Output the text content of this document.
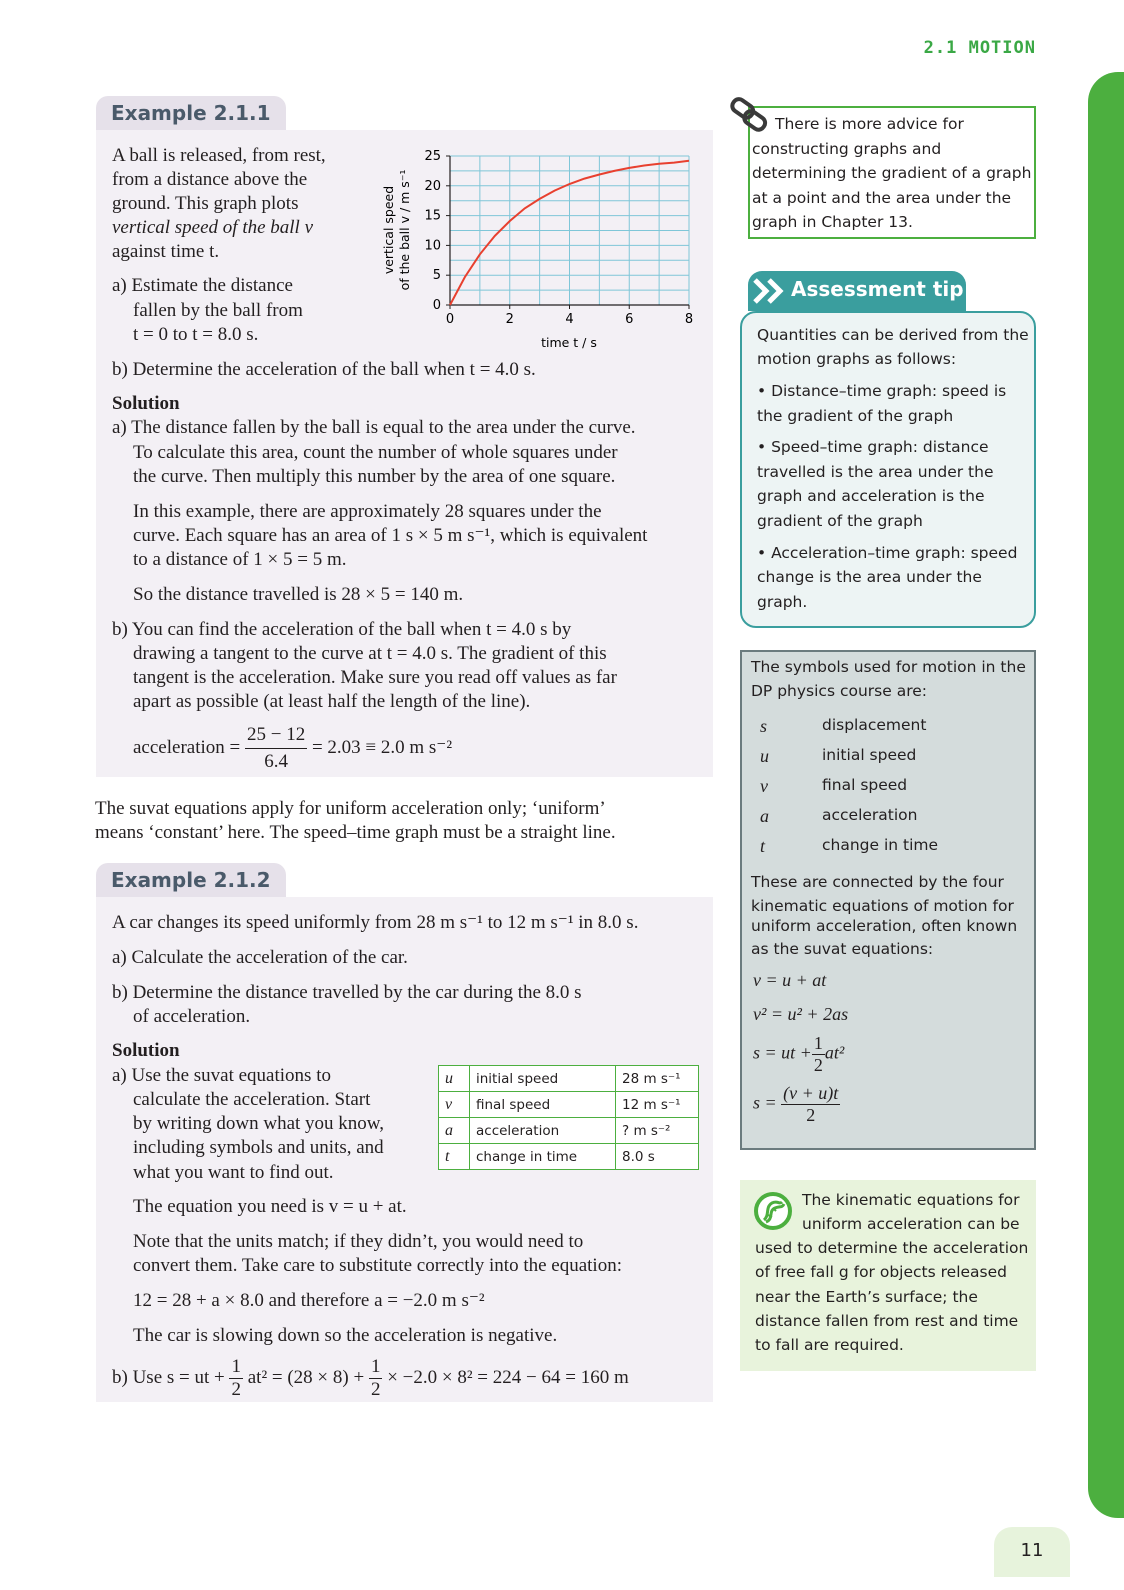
2.1 MOTION
Example 2.1.1
A ball is released, from rest,
from a distance above the
ground. This graph plots
vertical speed of the ball v
against time t.
a) Estimate the distance
fallen by the ball from
t = 0 to t = 8.0 s.
b) Determine the acceleration of the ball when t = 4.0 s.
0	2	4	6	8
0
5
10
15
20
25
time t / s
vertical speed of the ball v / m s⁻¹
Solution
a) The distance fallen by the ball is equal to the area under the curve.
To calculate this area, count the number of whole squares under
the curve. Then multiply this number by the area of one square.
In this example, there are approximately 28 squares under the
curve. Each square has an area of 1 s × 5 m s⁻¹, which is equivalent
to a distance of 1 × 5 = 5 m.
So the distance travelled is 28 × 5 = 140 m.
b) You can find the acceleration of the ball when t = 4.0 s by
drawing a tangent to the curve at t = 4.0 s. The gradient of this
tangent is the acceleration. Make sure you read off values as far
apart as possible (at least half the length of the line).
acceleration = $\frac{25 - 12}{6.4} = 2.03 \equiv 2.0$ m s⁻²
The suvat equations apply for uniform acceleration only; ‘uniform’
means ‘constant’ here. The speed–time graph must be a straight line.
Example 2.1.2
A car changes its speed uniformly from 28 m s⁻¹ to 12 m s⁻¹ in 8.0 s.
a) Calculate the acceleration of the car.
b) Determine the distance travelled by the car during the 8.0 s
of acceleration.
Solution
a) Use the suvat equations to
calculate the acceleration. Start
by writing down what you know,
including symbols and units, and
what you want to find out.
u	initial speed	28 m s⁻¹
v	final speed	12 m s⁻¹
a	acceleration	? m s⁻²
t	change in time	8.0 s
The equation you need is v = u + at.
Note that the units match; if they didn’t, you would need to
convert them. Take care to substitute correctly into the equation:
12 = 28 + a × 8.0 and therefore a = −2.0 m s⁻²
The car is slowing down so the acceleration is negative.
b) Use s = ut + $\frac{1}{2} at^2 = (28 \times 8) + \frac{1}{2} \times -2.0 \times 8^2 = 224 - 64 = 160$ m
There is more advice for
constructing graphs and
determining the gradient of a graph
at a point and the area under the
graph in Chapter 13.
Assessment tip
Quantities can be derived from the
motion graphs as follows:
• Distance–time graph: speed is
the gradient of the graph
• Speed–time graph: distance
travelled is the area under the
graph and acceleration is the
gradient of the graph
• Acceleration–time graph: speed
change is the area under the
graph.
The symbols used for motion in the
DP physics course are:
s	displacement
u	initial speed
v	final speed
a	acceleration
t	change in time
These are connected by the four
kinematic equations of motion for
uniform acceleration, often known
as the suvat equations:
v = u + at
v² = u² + 2as
s = ut + $\frac{1}{2} at^2$
$s = \frac{(v + u)t}{2}$
The kinematic equations for
uniform acceleration can be
used to determine the acceleration
of free fall g for objects released
near the Earth’s surface; the
distance fallen from rest and time
to fall are required.
11
